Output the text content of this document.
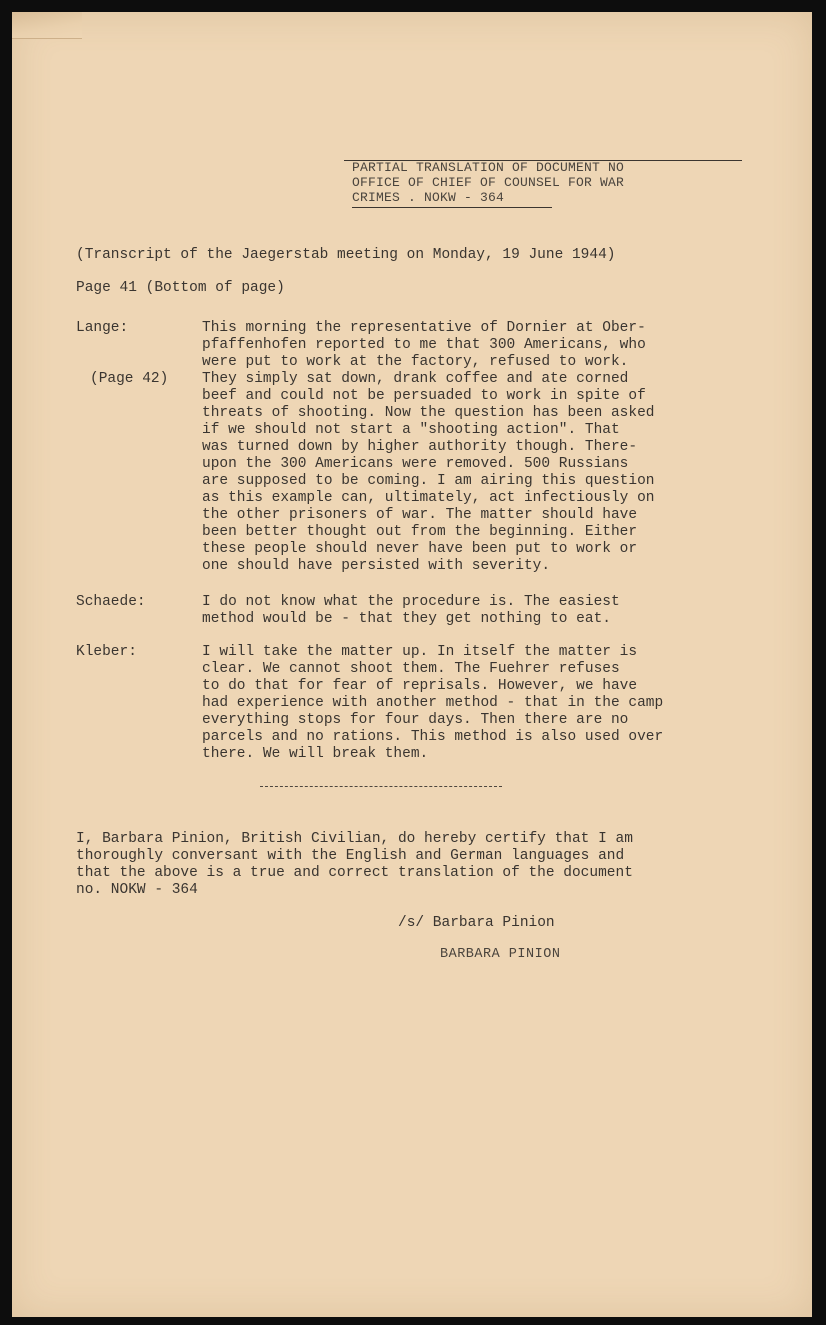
PARTIAL TRANSLATION OF DOCUMENT NO
OFFICE OF CHIEF OF COUNSEL FOR WAR
CRIMES . NOKW - 364
(Transcript of the Jaegerstab meeting on Monday, 19 June 1944)
Page 41 (Bottom of page)
Lange:
(Page 42)
This morning the representative of Dornier at Ober-
pfaffenhofen reported to me that 300 Americans, who
were put to work at the factory, refused to work.
They simply sat down, drank coffee and ate corned
beef and could not be persuaded to work in spite of
threats of shooting. Now the question has been asked
if we should not start a "shooting action". That
was turned down by higher authority though. There-
upon the 300 Americans were removed. 500 Russians
are supposed to be coming. I am airing this question
as this example can, ultimately, act infectiously on
the other prisoners of war. The matter should have
been better thought out from the beginning. Either
these people should never have been put to work or
one should have persisted with severity.
Schaede:	I do not know what the procedure is. The easiest
method would be - that they get nothing to eat.
Kleber:	I will take the matter up. In itself the matter is
clear. We cannot shoot them. The Fuehrer refuses
to do that for fear of reprisals. However, we have
had experience with another method - that in the camp
everything stops for four days. Then there are no
parcels and no rations. This method is also used over
there. We will break them.
I, Barbara Pinion, British Civilian, do hereby certify that I am
thoroughly conversant with the English and German languages and
that the above is a true and correct translation of the document
no. NOKW - 364
/s/ Barbara Pinion
BARBARA PINION
